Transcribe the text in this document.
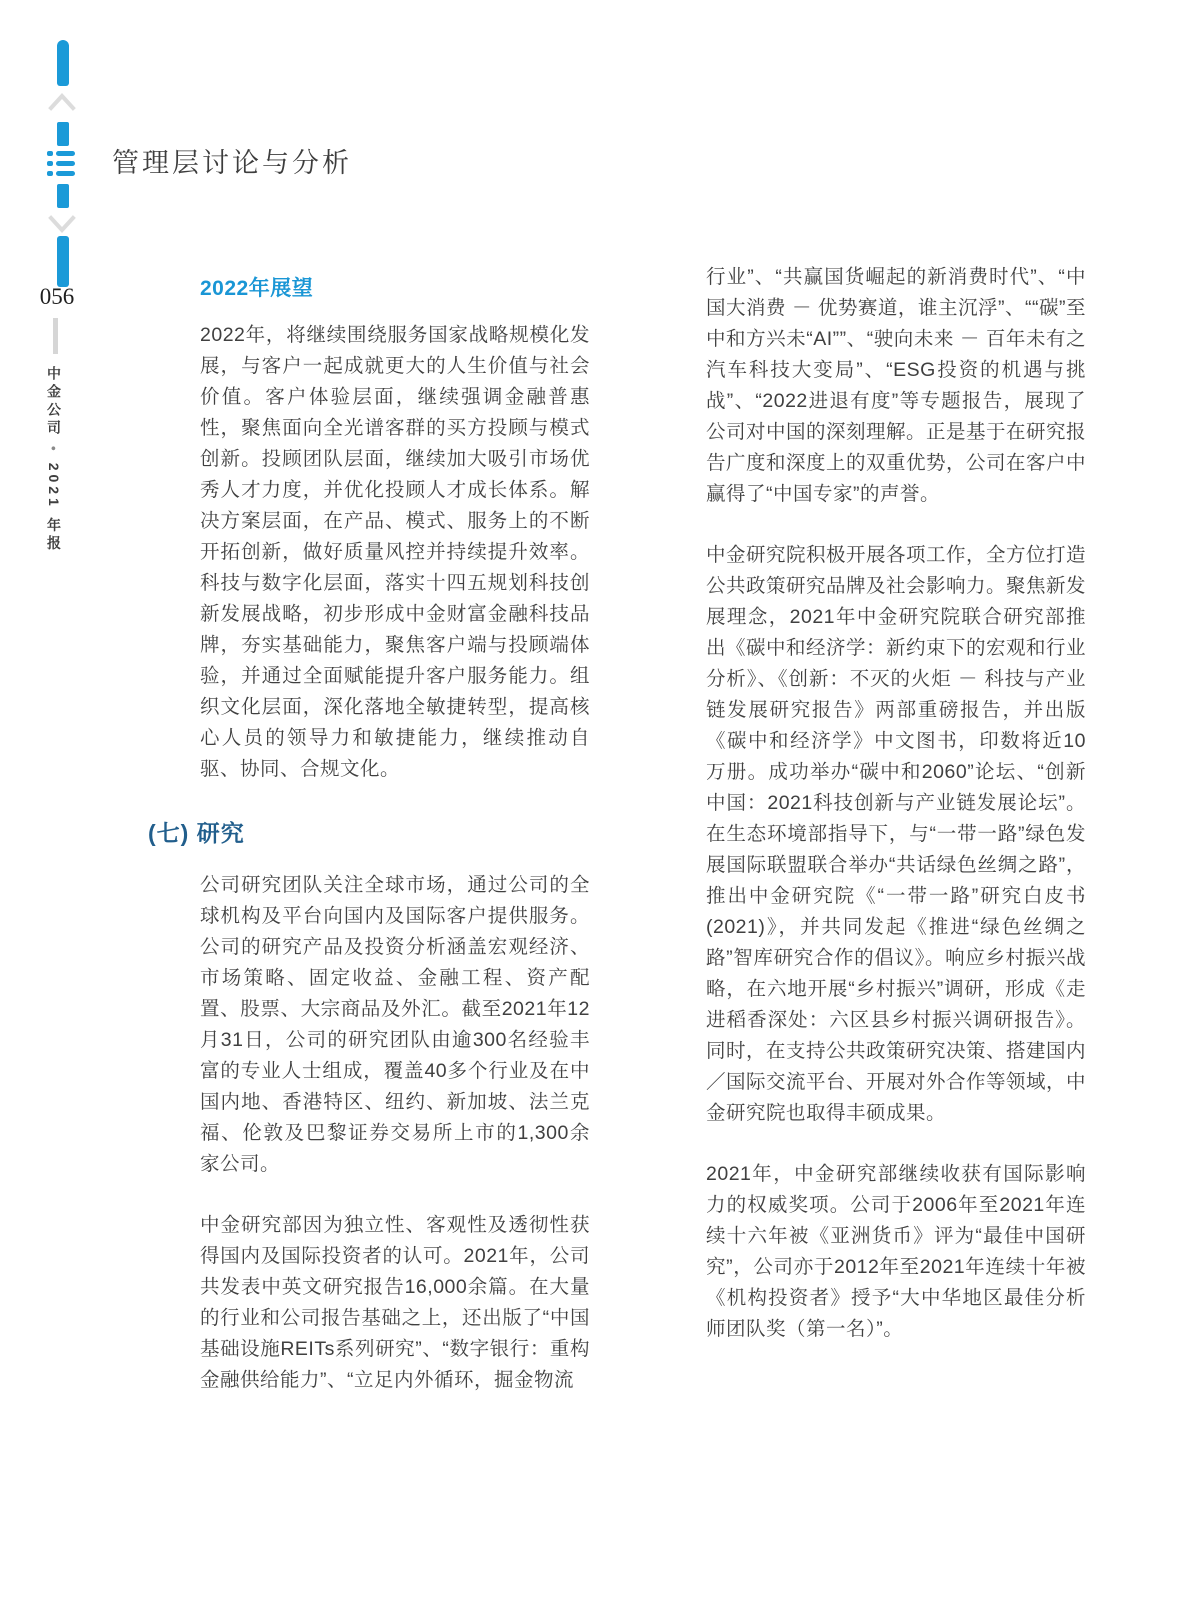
056
中金公司 • 2021 年报
管理层讨论与分析
2022年展望

2022年，将继续围绕服务国家战略规模化发展，与客户一起成就更大的人生价值与社会价值。客户体验层面，继续强调金融普惠性，聚焦面向全光谱客群的买方投顾与模式创新。投顾团队层面，继续加大吸引市场优秀人才力度，并优化投顾人才成长体系。解决方案层面，在产品、模式、服务上的不断开拓创新，做好质量风控并持续提升效率。科技与数字化层面，落实十四五规划科技创新发展战略，初步形成中金财富金融科技品牌，夯实基础能力，聚焦客户端与投顾端体验，并通过全面赋能提升客户服务能力。组织文化层面，深化落地全敏捷转型，提高核心人员的领导力和敏捷能力，继续推动自驱、协同、合规文化。

(七) 研究

公司研究团队关注全球市场，通过公司的全球机构及平台向国内及国际客户提供服务。公司的研究产品及投资分析涵盖宏观经济、市场策略、固定收益、金融工程、资产配置、股票、大宗商品及外汇。截至2021年12月31日，公司的研究团队由逾300名经验丰富的专业人士组成，覆盖40多个行业及在中国内地、香港特区、纽约、新加坡、法兰克福、伦敦及巴黎证券交易所上市的1,300余家公司。

中金研究部因为独立性、客观性及透彻性获得国内及国际投资者的认可。2021年，公司共发表中英文研究报告16,000余篇。在大量的行业和公司报告基础之上，还出版了“中国基础设施REITs系列研究”、“数字银行：重构金融供给能力”、“立足内外循环，掘金物流

行业”、“共赢国货崛起的新消费时代”、“中国大消费 － 优势赛道，谁主沉浮”、““碳”至中和方兴未“AI””、“驶向未来 － 百年未有之汽车科技大变局”、“ESG投资的机遇与挑战”、“2022进退有度”等专题报告，展现了公司对中国的深刻理解。正是基于在研究报告广度和深度上的双重优势，公司在客户中赢得了“中国专家”的声誉。

中金研究院积极开展各项工作，全方位打造公共政策研究品牌及社会影响力。聚焦新发展理念，2021年中金研究院联合研究部推出《碳中和经济学：新约束下的宏观和行业分析》、《创新：不灭的火炬 － 科技与产业链发展研究报告》两部重磅报告，并出版《碳中和经济学》中文图书，印数将近10万册。成功举办“碳中和2060”论坛、“创新中国：2021科技创新与产业链发展论坛”。在生态环境部指导下，与“一带一路”绿色发展国际联盟联合举办“共话绿色丝绸之路”，推出中金研究院《“一带一路”研究白皮书(2021)》，并共同发起《推进“绿色丝绸之路”智库研究合作的倡议》。响应乡村振兴战略，在六地开展“乡村振兴”调研，形成《走进稻香深处：六区县乡村振兴调研报告》。同时，在支持公共政策研究决策、搭建国内／国际交流平台、开展对外合作等领域，中金研究院也取得丰硕成果。

2021年，中金研究部继续收获有国际影响力的权威奖项。公司于2006年至2021年连续十六年被《亚洲货币》评为“最佳中国研究”，公司亦于2012年至2021年连续十年被《机构投资者》授予“大中华地区最佳分析师团队奖（第一名）”。
